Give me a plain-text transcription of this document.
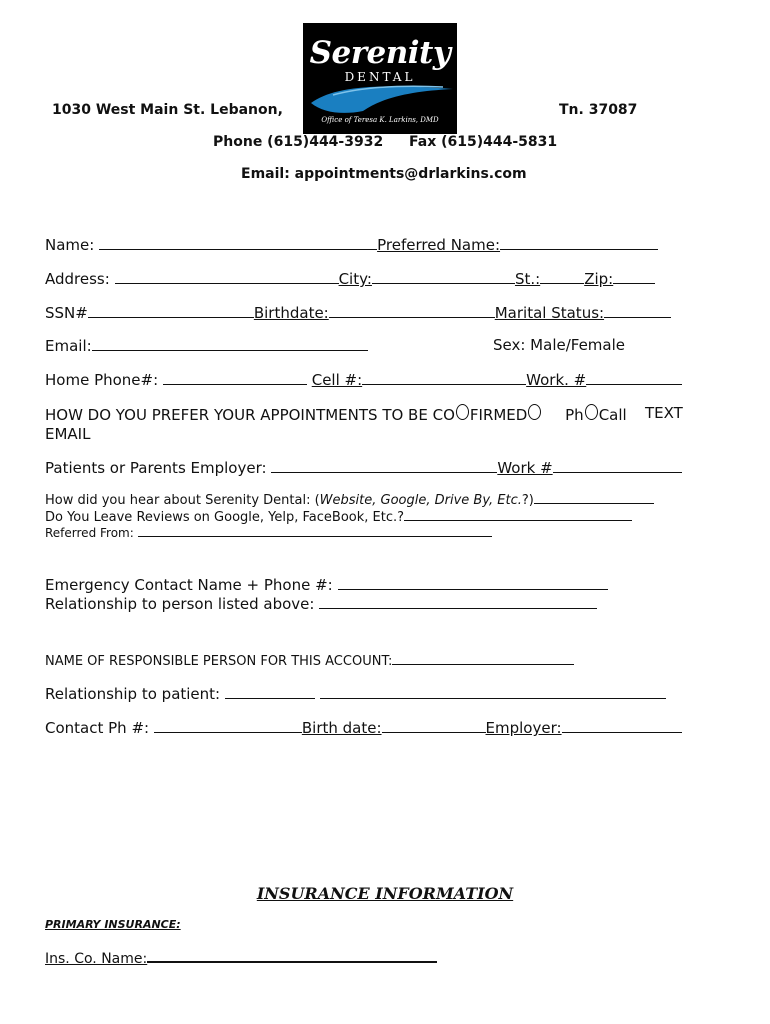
Serenity
DENTAL
Office of Teresa K. Larkins, DMD
1030 West Main St. Lebanon,	Tn. 37087
Phone (615)444-3932 Fax (615)444-5831
Email: appointments@drlarkins.com
Name:	Preferred Name:
Address:	City:	St.:	Zip:
SSN#	Birthdate:	Marital Status:
Email:	Sex: Male/Female
Home Phone#:	Cell #:	Work. #
HOW DO YOU PREFER YOUR APPOINTMENTS TO BE CO FIRMED	Ph Call TEXT
EMAIL
Patients or Parents Employer:	Work #
How did you hear about Serenity Dental: (Website, Google, Drive By, Etc.?)
Do You Leave Reviews on Google, Yelp, FaceBook, Etc.?
Referred From:
Emergency Contact Name + Phone #:
Relationship to person listed above:
NAME OF RESPONSIBLE PERSON FOR THIS ACCOUNT:
Relationship to patient:
Contact Ph #:	Birth date:	Employer:
INSURANCE INFORMATION
PRIMARY INSURANCE:
Ins. Co. Name:
